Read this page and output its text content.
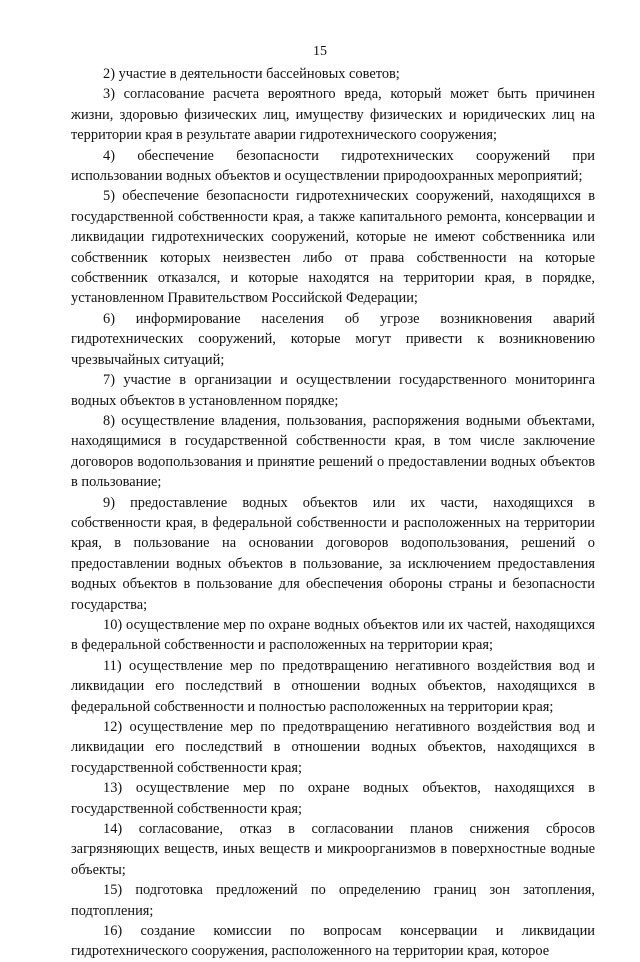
15

2) участие в деятельности бассейновых советов;

3) согласование расчета вероятного вреда, который может быть причинен жизни, здоровью физических лиц, имуществу физических и юридических лиц на территории края в результате аварии гидротехнического сооружения;

4) обеспечение безопасности гидротехнических сооружений при использовании водных объектов и осуществлении природоохранных мероприятий;

5) обеспечение безопасности гидротехнических сооружений, находящихся в государственной собственности края, а также капитального ремонта, консервации и ликвидации гидротехнических сооружений, которые не имеют собственника или собственник которых неизвестен либо от права собственности на которые собственник отказался, и которые находятся на территории края, в порядке, установленном Правительством Российской Федерации;

6) информирование населения об угрозе возникновения аварий гидротехнических сооружений, которые могут привести к возникновению чрезвычайных ситуаций;

7) участие в организации и осуществлении государственного мониторинга водных объектов в установленном порядке;

8) осуществление владения, пользования, распоряжения водными объектами, находящимися в государственной собственности края, в том числе заключение договоров водопользования и принятие решений о предоставлении водных объектов в пользование;

9) предоставление водных объектов или их части, находящихся в собственности края, в федеральной собственности и расположенных на территории края, в пользование на основании договоров водопользования, решений о предоставлении водных объектов в пользование, за исключением предоставления водных объектов в пользование для обеспечения обороны страны и безопасности государства;

10) осуществление мер по охране водных объектов или их частей, находящихся в федеральной собственности и расположенных на территории края;

11) осуществление мер по предотвращению негативного воздействия вод и ликвидации его последствий в отношении водных объектов, находящихся в федеральной собственности и полностью расположенных на территории края;

12) осуществление мер по предотвращению негативного воздействия вод и ликвидации его последствий в отношении водных объектов, находящихся в государственной собственности края;

13) осуществление мер по охране водных объектов, находящихся в государственной собственности края;

14) согласование, отказ в согласовании планов снижения сбросов загрязняющих веществ, иных веществ и микроорганизмов в поверхностные водные объекты;

15) подготовка предложений по определению границ зон затопления, подтопления;

16) создание комиссии по вопросам консервации и ликвидации гидротехнического сооружения, расположенного на территории края, которое
